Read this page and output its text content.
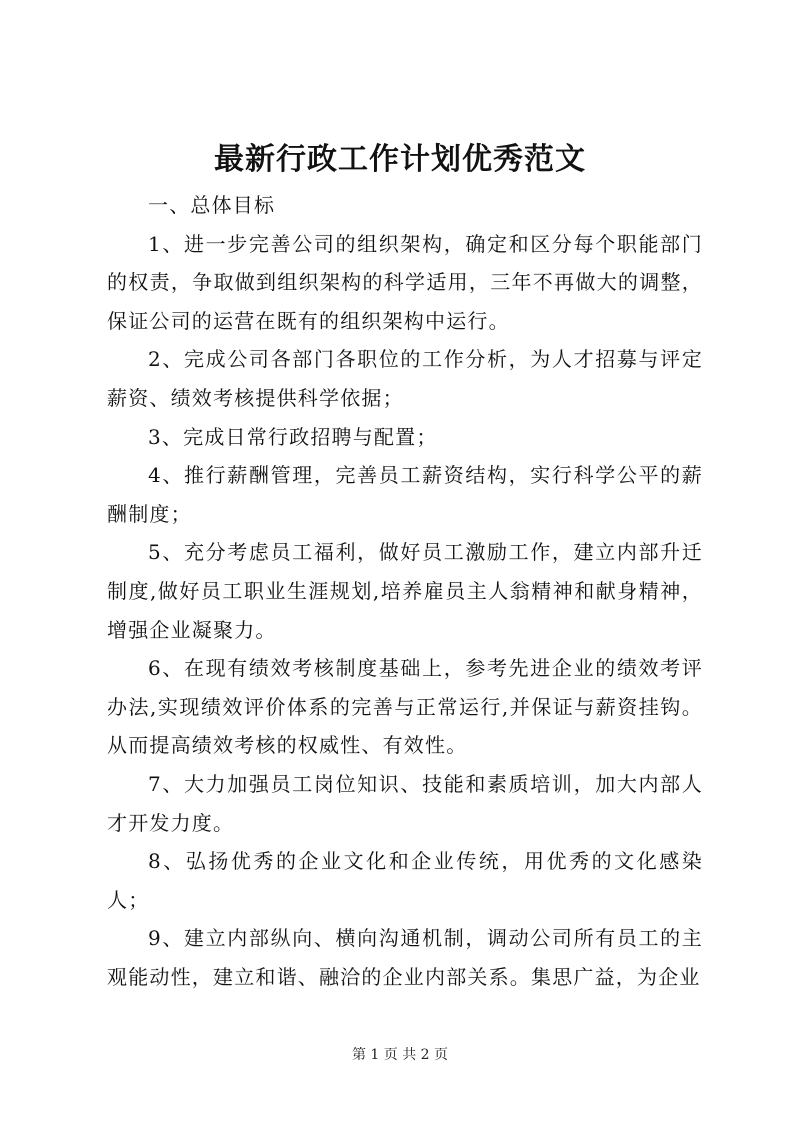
最新行政工作计划优秀范文

一、总体目标

1、进一步完善公司的组织架构，确定和区分每个职能部门的权责，争取做到组织架构的科学适用，三年不再做大的调整，保证公司的运营在既有的组织架构中运行。

2、完成公司各部门各职位的工作分析，为人才招募与评定薪资、绩效考核提供科学依据；

3、完成日常行政招聘与配置；

4、推行薪酬管理，完善员工薪资结构，实行科学公平的薪酬制度；

5、充分考虑员工福利，做好员工激励工作，建立内部升迁制度,做好员工职业生涯规划,培养雇员主人翁精神和献身精神，增强企业凝聚力。

6、在现有绩效考核制度基础上，参考先进企业的绩效考评办法,实现绩效评价体系的完善与正常运行,并保证与薪资挂钩。从而提高绩效考核的权威性、有效性。

7、大力加强员工岗位知识、技能和素质培训，加大内部人才开发力度。

8、弘扬优秀的企业文化和企业传统，用优秀的文化感染人；

9、建立内部纵向、横向沟通机制，调动公司所有员工的主观能动性，建立和谐、融洽的企业内部关系。集思广益，为企业

第 1 页 共 2 页
